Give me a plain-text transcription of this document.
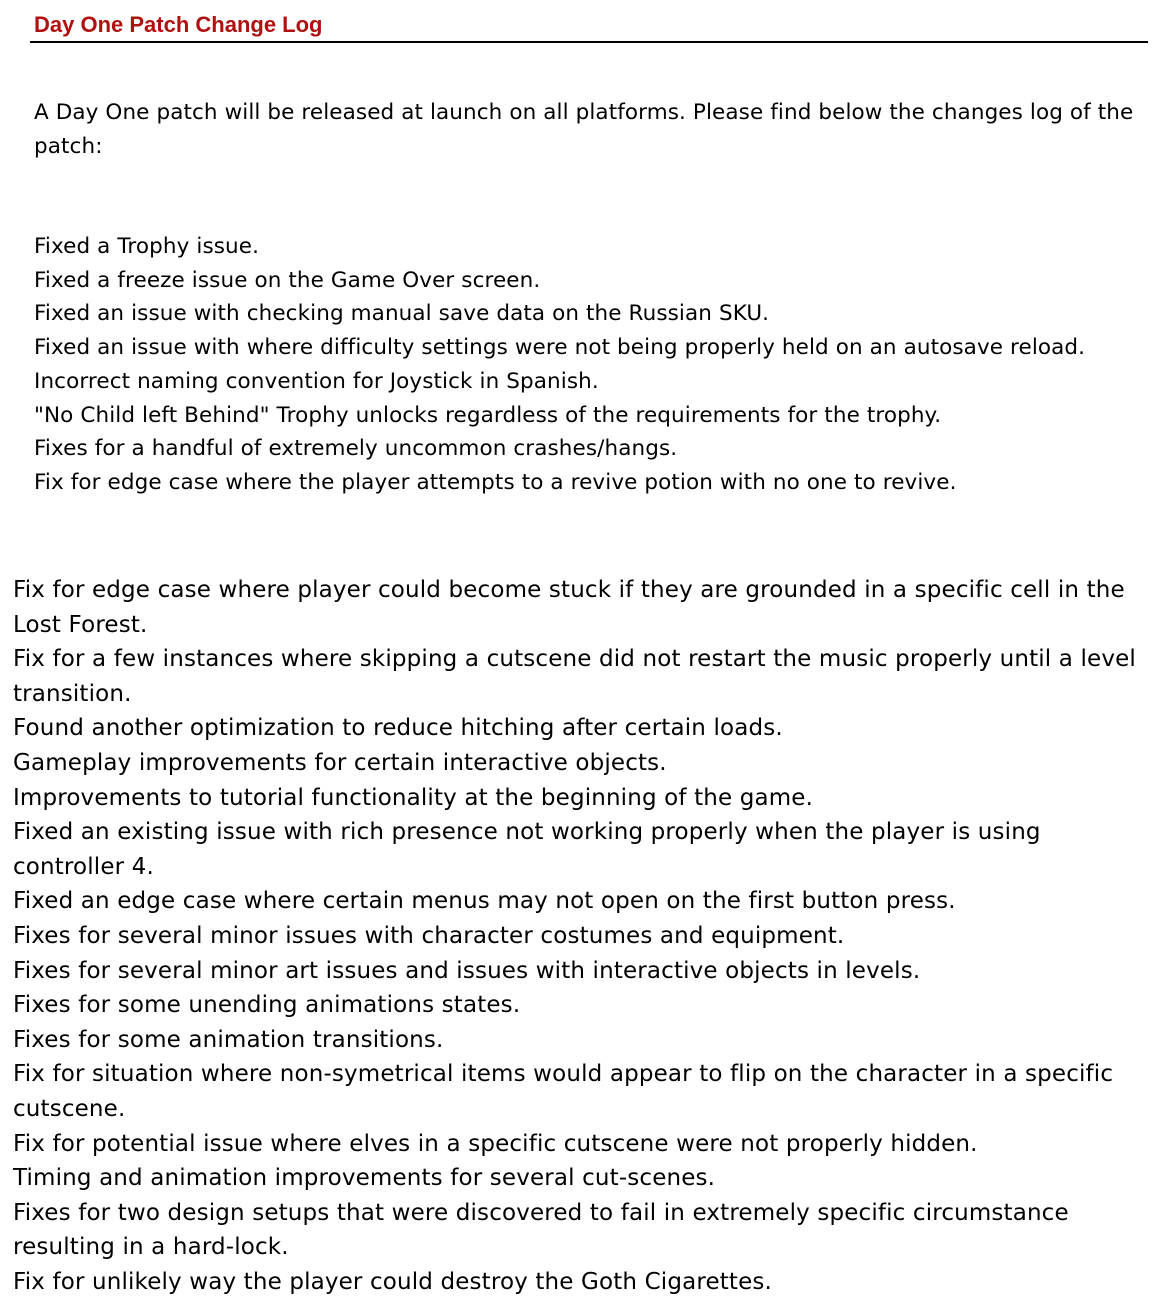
Day One Patch Change Log

A Day One patch will be released at launch on all platforms. Please find below the changes log of the patch:

Fixed a Trophy issue.
Fixed a freeze issue on the Game Over screen.
Fixed an issue with checking manual save data on the Russian SKU.
Fixed an issue with where difficulty settings were not being properly held on an autosave reload.
Incorrect naming convention for Joystick in Spanish.
"No Child left Behind" Trophy unlocks regardless of the requirements for the trophy.
Fixes for a handful of extremely uncommon crashes/hangs.
Fix for edge case where the player attempts to a revive potion with no one to revive.
Fix for edge case where player could become stuck if they are grounded in a specific cell in the Lost Forest.
Fix for a few instances where skipping a cutscene did not restart the music properly until a level transition.
Found another optimization to reduce hitching after certain loads.
Gameplay improvements for certain interactive objects.
Improvements to tutorial functionality at the beginning of the game.
Fixed an existing issue with rich presence not working properly when the player is using controller 4.
Fixed an edge case where certain menus may not open on the first button press.
Fixes for several minor issues with character costumes and equipment.
Fixes for several minor art issues and issues with interactive objects in levels.
Fixes for some unending animations states.
Fixes for some animation transitions.
Fix for situation where non-symetrical items would appear to flip on the character in a specific cutscene.
Fix for potential issue where elves in a specific cutscene were not properly hidden.
Timing and animation improvements for several cut-scenes.
Fixes for two design setups that were discovered to fail in extremely specific circumstance resulting in a hard-lock.
Fix for unlikely way the player could destroy the Goth Cigarettes.
